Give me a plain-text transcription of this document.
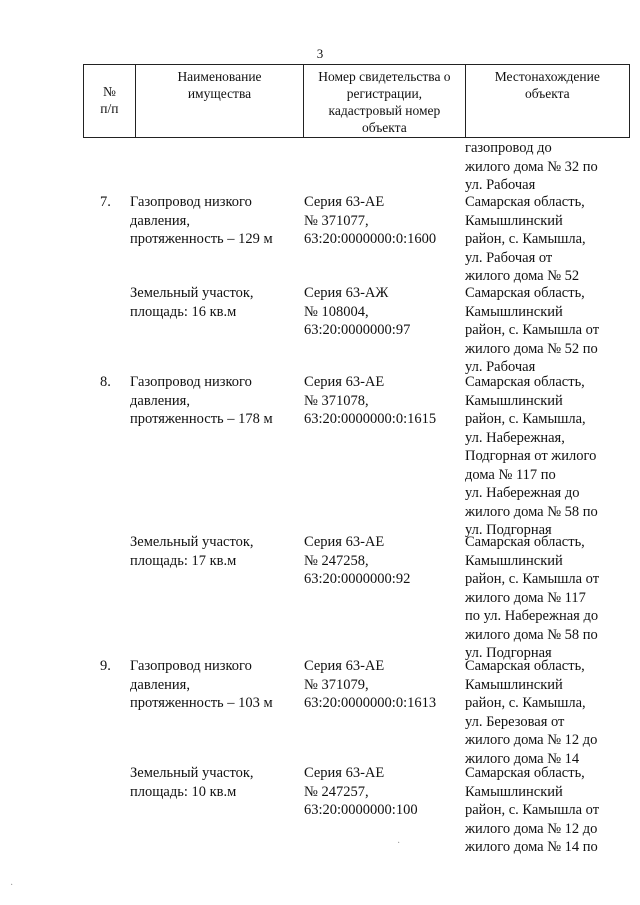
3
№
п/п
Наименование
имущества
Номер свидетельства о
регистрации,
кадастровый номер
объекта
Местонахождение
объекта
газопровод до
жилого дома № 32 по
ул. Рабочая
7. Газопровод низкого
давления,
протяженность – 129 м
Серия 63-АЕ
№ 371077,
63:20:0000000:0:1600
Самарская область,
Камышлинский
район, с. Камышла,
ул. Рабочая от
жилого дома № 52
Земельный участок,
площадь: 16 кв.м
Серия 63-АЖ
№ 108004,
63:20:0000000:97
Самарская область,
Камышлинский
район, с. Камышла от
жилого дома № 52 по
ул. Рабочая
8. Газопровод низкого
давления,
протяженность – 178 м
Серия 63-АЕ
№ 371078,
63:20:0000000:0:1615
Самарская область,
Камышлинский
район, с. Камышла,
ул. Набережная,
Подгорная от жилого
дома № 117 по
ул. Набережная до
жилого дома № 58 по
ул. Подгорная
Земельный участок,
площадь: 17 кв.м
Серия 63-АЕ
№ 247258,
63:20:0000000:92
Самарская область,
Камышлинский
район, с. Камышла от
жилого дома № 117
по ул. Набережная до
жилого дома № 58 по
ул. Подгорная
9. Газопровод низкого
давления,
протяженность – 103 м
Серия 63-АЕ
№ 371079,
63:20:0000000:0:1613
Самарская область,
Камышлинский
район, с. Камышла,
ул. Березовая от
жилого дома № 12 до
жилого дома № 14
Земельный участок,
площадь: 10 кв.м
Серия 63-АЕ
№ 247257,
63:20:0000000:100
Самарская область,
Камышлинский
район, с. Камышла от
жилого дома № 12 до
жилого дома № 14 по
·
·
